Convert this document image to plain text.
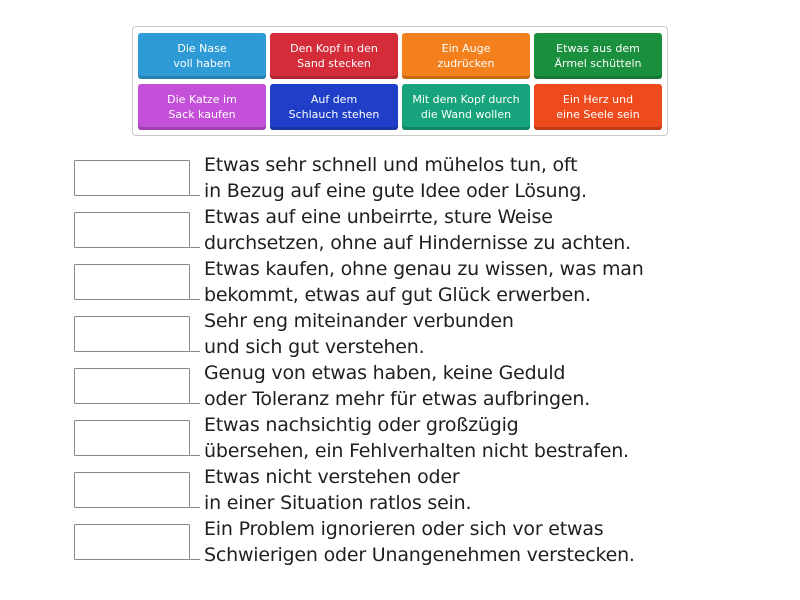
Die Nase
voll haben
Den Kopf in den
Sand stecken
Ein Auge
zudrücken
Etwas aus dem
Ärmel schütteln
Die Katze im
Sack kaufen
Auf dem
Schlauch stehen
Mit dem Kopf durch
die Wand wollen
Ein Herz und
eine Seele sein
Etwas sehr schnell und mühelos tun, oft
in Bezug auf eine gute Idee oder Lösung.
Etwas auf eine unbeirrte, sture Weise
durchsetzen, ohne auf Hindernisse zu achten.
Etwas kaufen, ohne genau zu wissen, was man
bekommt, etwas auf gut Glück erwerben.
Sehr eng miteinander verbunden
und sich gut verstehen.
Genug von etwas haben, keine Geduld
oder Toleranz mehr für etwas aufbringen.
Etwas nachsichtig oder großzügig
übersehen, ein Fehlverhalten nicht bestrafen.
Etwas nicht verstehen oder
in einer Situation ratlos sein.
Ein Problem ignorieren oder sich vor etwas
Schwierigen oder Unangenehmen verstecken.
